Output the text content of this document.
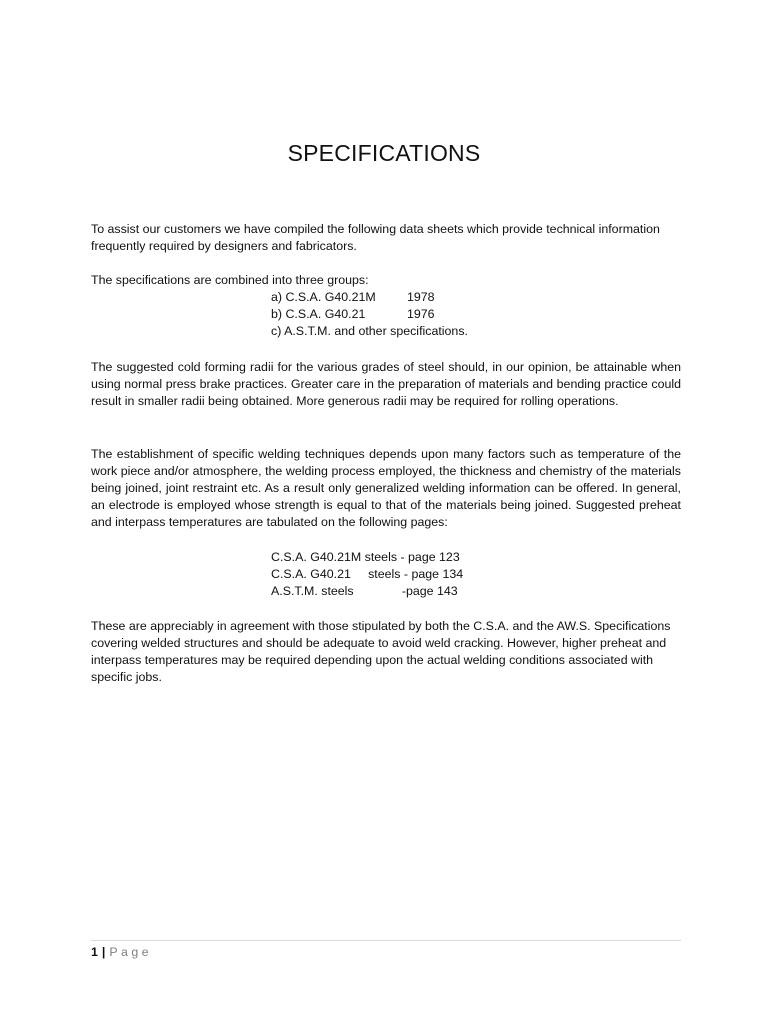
SPECIFICATIONS
To assist our customers we have compiled the following data sheets which provide technical information frequently required by designers and fabricators.
The specifications are combined into three groups:
a) C.S.A. G40.21M	1978
b) C.S.A. G40.21	1976
c) A.S.T.M. and other specifications.
The suggested cold forming radii for the various grades of steel should, in our opinion, be attainable when using normal press brake practices. Greater care in the preparation of materials and bending practice could result in smaller radii being obtained. More generous radii may be required for rolling operations.
The establishment of specific welding techniques depends upon many factors such as temperature of the work piece and/or atmosphere, the welding process employed, the thickness and chemistry of the materials being joined, joint restraint etc. As a result only generalized welding information can be offered. In general, an electrode is employed whose strength is equal to that of the materials being joined. Suggested preheat and interpass temperatures are tabulated on the following pages:
C.S.A. G40.21M steels - page 123
C.S.A. G40.21     steels - page 134
A.S.T.M. steels              -page 143
These are appreciably in agreement with those stipulated by both the C.S.A. and the AW.S. Specifications covering welded structures and should be adequate to avoid weld cracking. However, higher preheat and interpass temperatures may be required depending upon the actual welding conditions associated with specific jobs.
1 | Page
